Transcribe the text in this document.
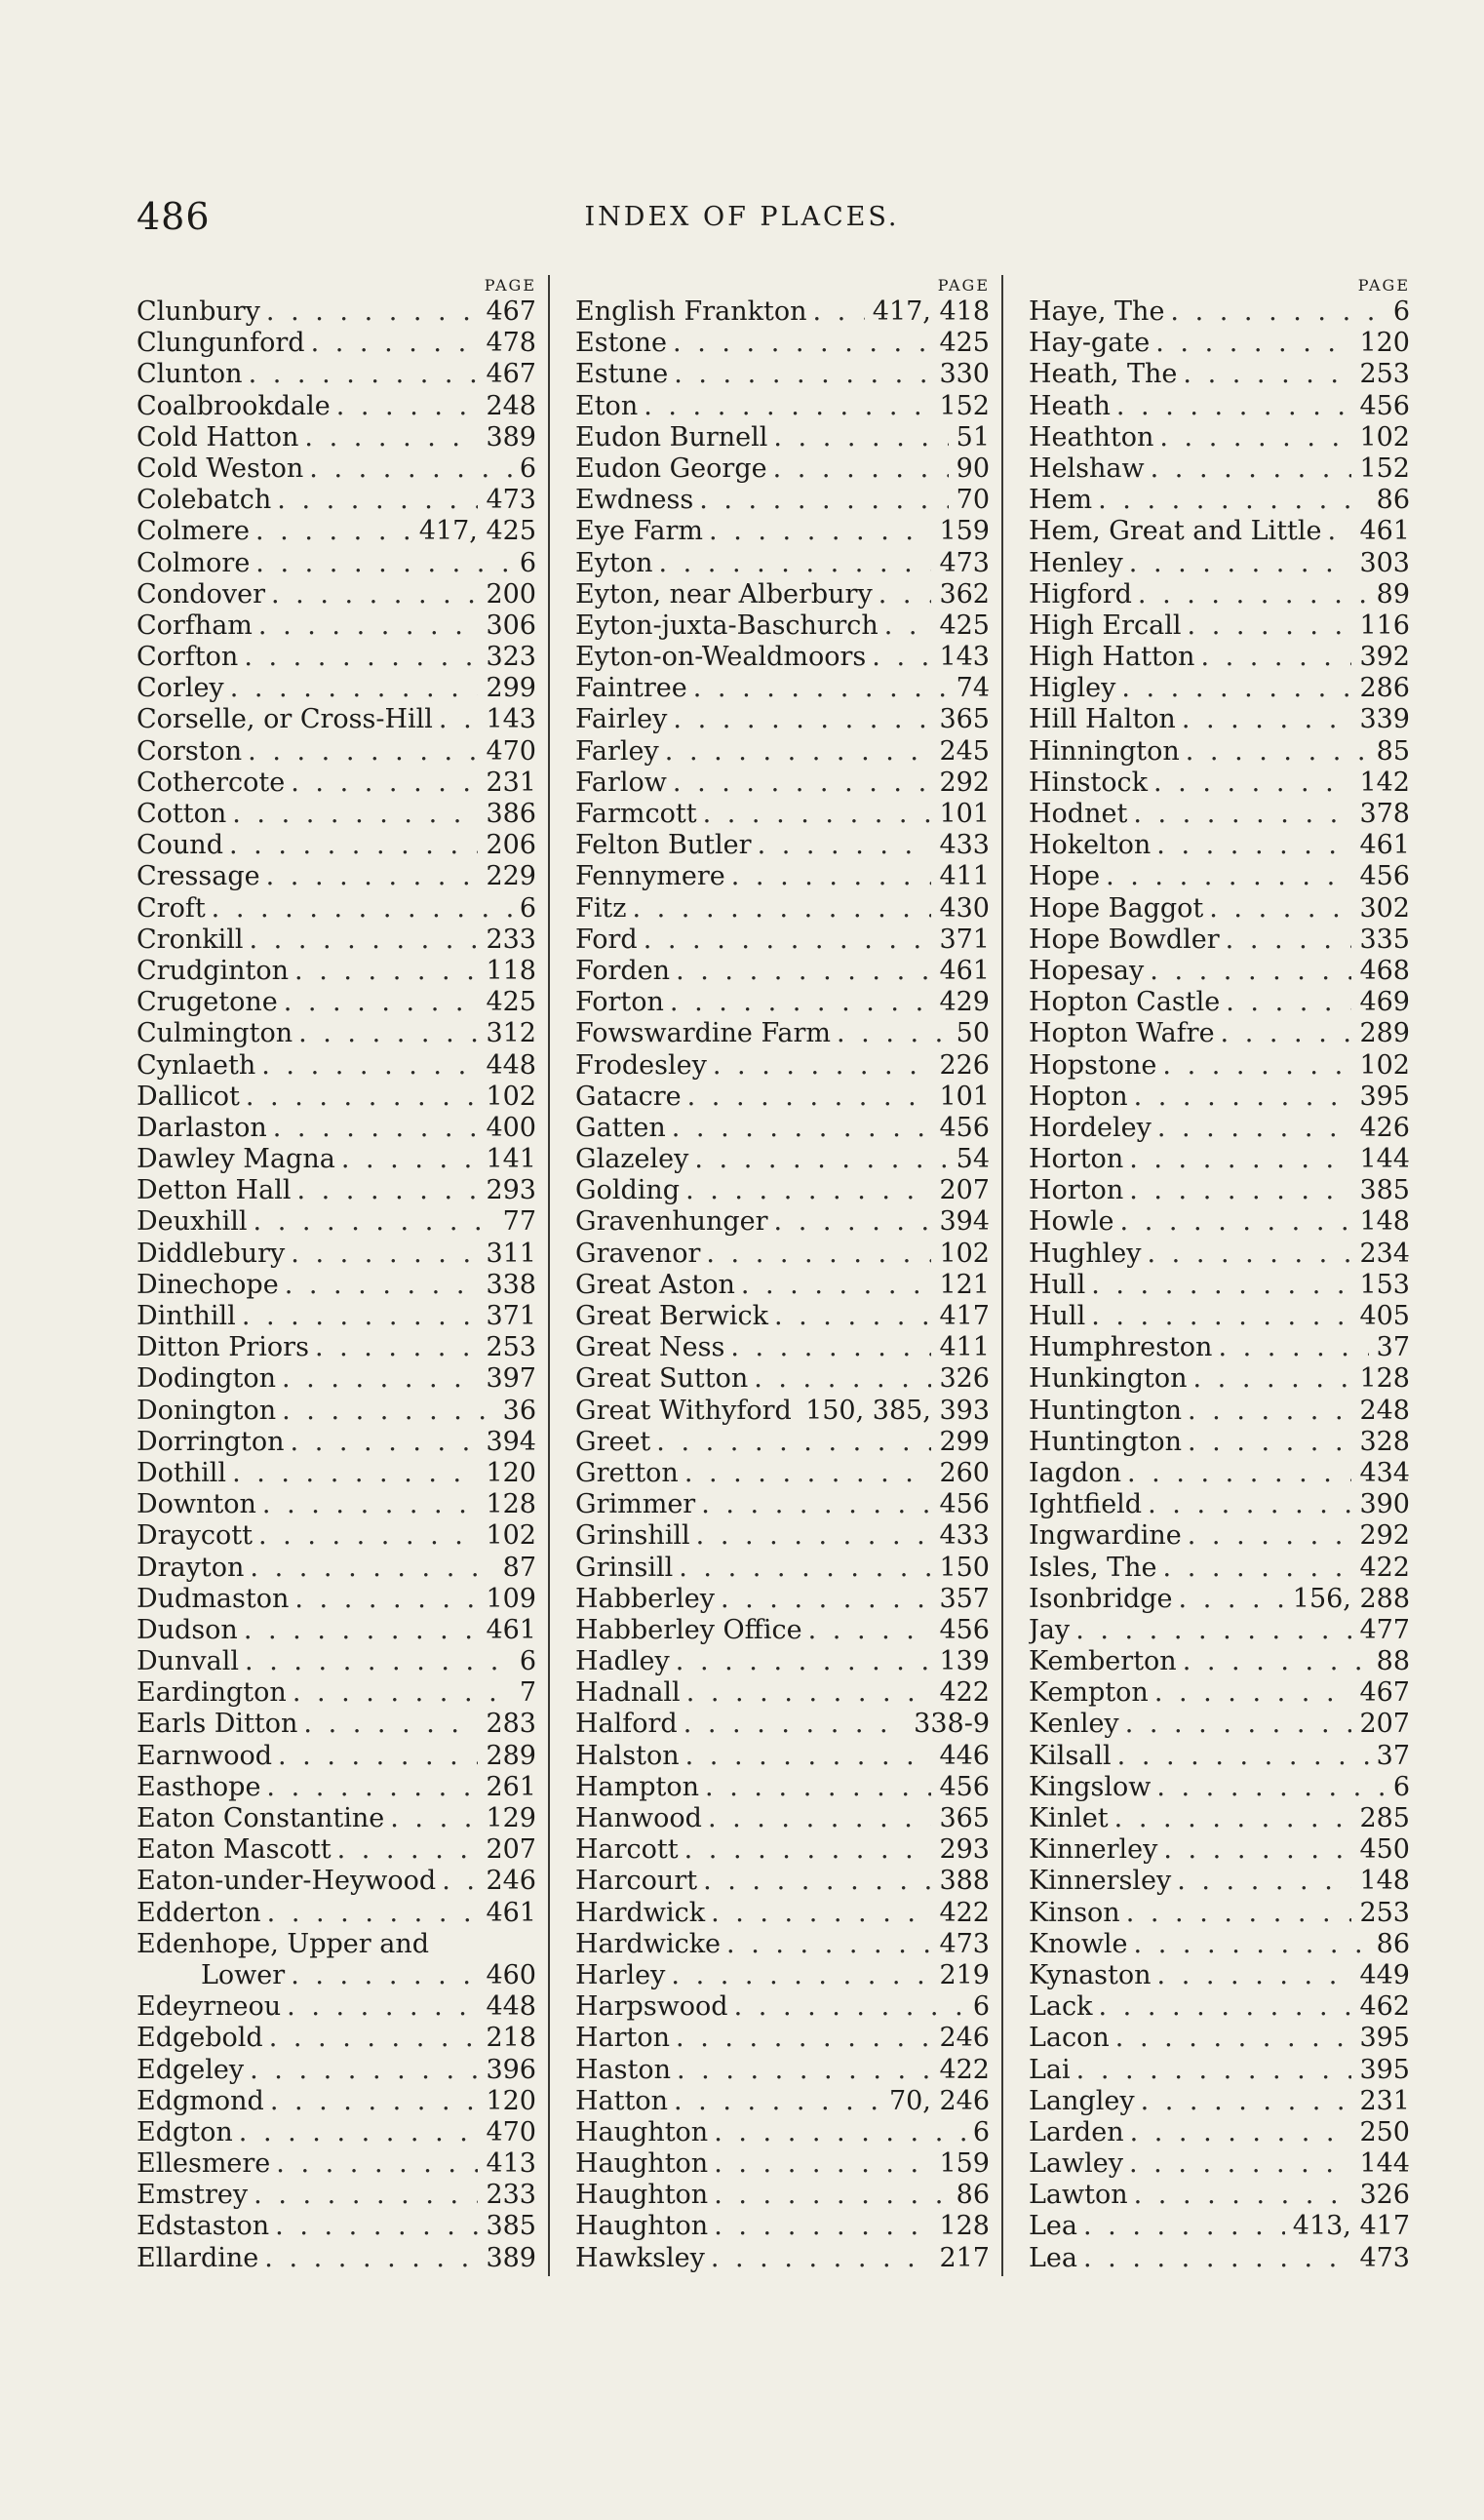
486	INDEX OF PLACES.
PAGE
Clunbury . . .	467
Clungunford . . .	478
Clunton . . .	467
Coalbrookdale . . .	248
Cold Hatton . . .	389
Cold Weston . . .	6
Colebatch . . .	473
Colmere . . .	417, 425
Colmore . . .	6
Condover . . .	200
Corfham . . .	306
Corfton . . .	323
Corley . . .	299
Corselle, or Cross-Hill . . . 143
Corston . . .	470
Cothercote . . .	231
Cotton . . .	386
Cound . . .	206
Cressage . . .	229
Croft . . .	6
Cronkill . . .	233
Crudginton . . .	118
Crugetone . . .	425
Culmington . . .	312
Cynlaeth . . .	448
Dallicot . . .	102
Darlaston . . .	400
Dawley Magna . . .	141
Detton Hall . . .	293
Deuxhill . . .	77
Diddlebury . . .	311
Dinechope . . .	338
Dinthill . . .	371
Ditton Priors . . .	253
Dodington . . .	397
Donington . . .	36
Dorrington . . .	394
Dothill . . .	120
Downton . . .	128
Draycott . . .	102
Drayton . . .	87
Dudmaston . . .	109
Dudson . . .	461
Dunvall . . .	6
Eardington . . .	7
Earls Ditton . . .	283
Earnwood . . .	289
Easthope . . .	261
Eaton Constantine . . .	129
Eaton Mascott . . .	207
Eaton-under-Heywood . . . 246
Edderton . . .	461
Edenhope, Upper and
Lower . . .	460
Edeyrneou . . .	448
Edgebold . . .	218
Edgeley . . .	396
Edgmond . . .	120
Edgton . . .	470
Ellesmere . . .	413
Emstrey . . .	233
Edstaston . . .	385
Ellardine . . .	389
PAGE
English Frankton . . . 417, 418
Estone . . .	425
Estune . . .	330
Eton . . .	152
Eudon Burnell . . .	51
Eudon George . . .	90
Ewdness . . .	70
Eye Farm . . .	159
Eyton . . .	473
Eyton, near Alberbury . . .	362
Eyton-juxta-Baschurch . . . 425
Eyton-on-Wealdmoors . . .	143
Faintree . . .	74
Fairley . . .	365
Farley . . .	245
Farlow . . .	292
Farmcott . . .	101
Felton Butler . . .	433
Fennymere . . .	411
Fitz . . .	430
Ford . . .	371
Forden . . .	461
Forton . . .	429
Fowswardine Farm . . .	50
Frodesley . . .	226
Gatacre . . .	101
Gatten . . .	456
Glazeley . . .	54
Golding . . .	207
Gravenhunger . . .	394
Gravenor . . .	102
Great Aston . . .	121
Great Berwick . . .	417
Great Ness . . .	411
Great Sutton . . .	326
Great Withyford . . . 150, 385, 393
Greet . . .	299
Gretton . . .	260
Grimmer . . .	456
Grinshill . . .	433
Grinsill . . .	150
Habberley . . .	357
Habberley Office . . .	456
Hadley . . .	139
Hadnall . . .	422
Halford . . .	338-9
Halston . . .	446
Hampton . . .	456
Hanwood . . .	365
Harcott . . .	293
Harcourt . . .	388
Hardwick . . .	422
Hardwicke . . .	473
Harley . . .	219
Harpswood . . .	6
Harton . . .	246
Haston . . .	422
Hatton . . .	70, 246
Haughton . . .	6
Haughton . . .	159
Haughton . . .	86
Haughton . . .	128
Hawksley . . .	217
PAGE
Haye, The . . .	6
Hay-gate . . .	120
Heath, The . . .	253
Heath . . .	456
Heathton . . .	102
Helshaw . . .	152
Hem . . .	86
Hem, Great and Little . . . 461
Henley . . .	303
Higford . . .	89
High Ercall . . .	116
High Hatton . . .	392
Higley . . .	286
Hill Halton . . .	339
Hinnington . . .	85
Hinstock . . .	142
Hodnet . . .	378
Hokelton . . .	461
Hope . . .	456
Hope Baggot . . .	302
Hope Bowdler . . .	335
Hopesay . . .	468
Hopton Castle . . .	469
Hopton Wafre . . .	289
Hopstone . . .	102
Hopton . . .	395
Hordeley . . .	426
Horton . . .	144
Horton . . .	385
Howle . . .	148
Hughley . . .	234
Hull . . .	153
Hull . . .	405
Humphreston . . .	37
Hunkington . . .	128
Huntington . . .	248
Huntington . . .	328
Iagdon . . .	434
Ightfield . . .	390
Ingwardine . . .	292
Isles, The . . .	422
Isonbridge . . .	156, 288
Jay . . .	477
Kemberton . . .	88
Kempton . . .	467
Kenley . . .	207
Kilsall . . .	37
Kingslow . . .	6
Kinlet . . .	285
Kinnerley . . .	450
Kinnersley . . .	148
Kinson . . .	253
Knowle . . .	86
Kynaston . . .	449
Lack . . .	462
Lacon . . .	395
Lai . . .	395
Langley . . .	231
Larden . . .	250
Lawley . . .	144
Lawton . . .	326
Lea . . .	413, 417
Lea . . .	473
